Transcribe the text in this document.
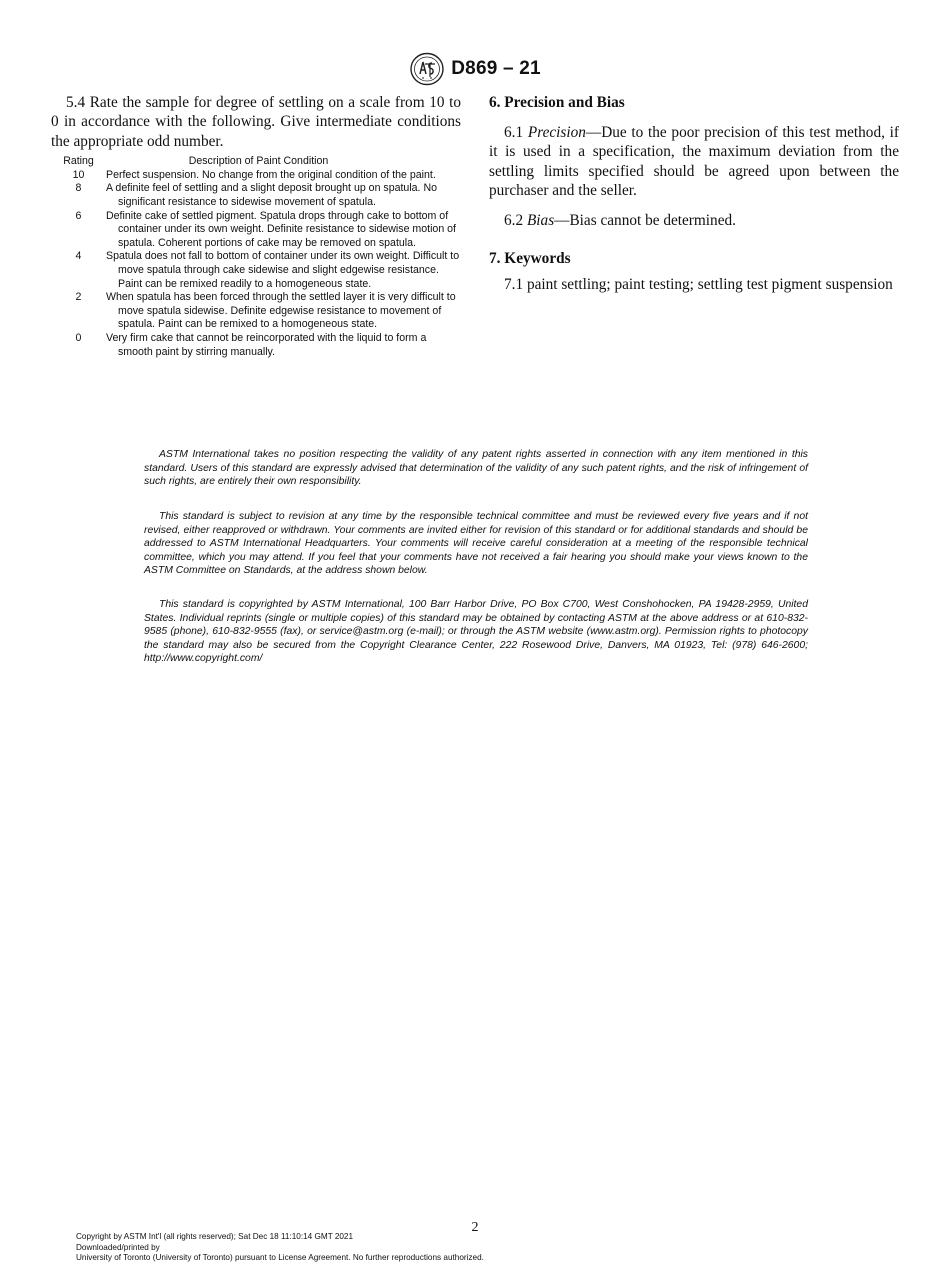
D869 – 21

5.4 Rate the sample for degree of settling on a scale from 10 to 0 in accordance with the following. Give intermediate conditions the appropriate odd number.

Rating	Description of Paint Condition
10	Perfect suspension. No change from the original condition of the paint.
8	A definite feel of settling and a slight deposit brought up on spatula. No significant resistance to sidewise movement of spatula.
6	Definite cake of settled pigment. Spatula drops through cake to bottom of container under its own weight. Definite resistance to sidewise motion of spatula. Coherent portions of cake may be removed on spatula.
4	Spatula does not fall to bottom of container under its own weight. Difficult to move spatula through cake sidewise and slight edgewise resistance. Paint can be remixed readily to a homogeneous state.
2	When spatula has been forced through the settled layer it is very difficult to move spatula sidewise. Definite edgewise resistance to movement of spatula. Paint can be remixed to a homogeneous state.
0	Very firm cake that cannot be reincorporated with the liquid to form a smooth paint by stirring manually.

6. Precision and Bias

6.1 Precision—Due to the poor precision of this test method, if it is used in a specification, the maximum deviation from the settling limits specified should be agreed upon between the purchaser and the seller.

6.2 Bias—Bias cannot be determined.

7. Keywords

7.1 paint settling; paint testing; settling test pigment suspension

ASTM International takes no position respecting the validity of any patent rights asserted in connection with any item mentioned in this standard. Users of this standard are expressly advised that determination of the validity of any such patent rights, and the risk of infringement of such rights, are entirely their own responsibility.

This standard is subject to revision at any time by the responsible technical committee and must be reviewed every five years and if not revised, either reapproved or withdrawn. Your comments are invited either for revision of this standard or for additional standards and should be addressed to ASTM International Headquarters. Your comments will receive careful consideration at a meeting of the responsible technical committee, which you may attend. If you feel that your comments have not received a fair hearing you should make your views known to the ASTM Committee on Standards, at the address shown below.

This standard is copyrighted by ASTM International, 100 Barr Harbor Drive, PO Box C700, West Conshohocken, PA 19428-2959, United States. Individual reprints (single or multiple copies) of this standard may be obtained by contacting ASTM at the above address or at 610-832-9585 (phone), 610-832-9555 (fax), or service@astm.org (e-mail); or through the ASTM website (www.astm.org). Permission rights to photocopy the standard may also be secured from the Copyright Clearance Center, 222 Rosewood Drive, Danvers, MA 01923, Tel: (978) 646-2600; http://www.copyright.com/

2
Copyright by ASTM Int'l (all rights reserved); Sat Dec 18 11:10:14 GMT 2021
Downloaded/printed by
University of Toronto (University of Toronto) pursuant to License Agreement. No further reproductions authorized.
